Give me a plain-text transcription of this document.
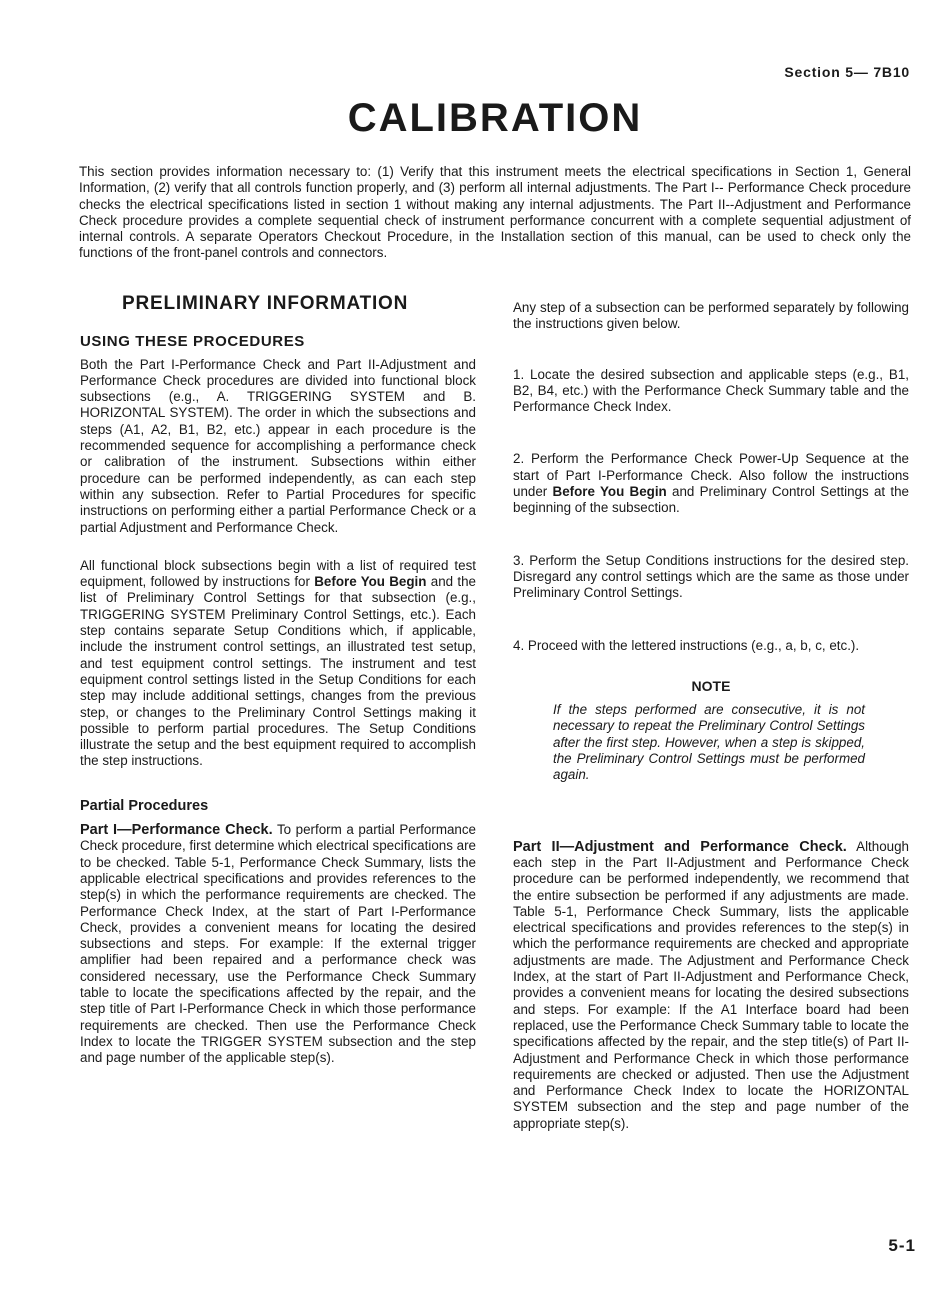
Section 5— 7B10
CALIBRATION

This section provides information necessary to: (1) Verify that this instrument meets the electrical specifications in Section 1, General Information, (2) verify that all controls function properly, and (3) perform all internal adjustments. The Part I-- Performance Check procedure checks the electrical specifications listed in section 1 without making any internal adjustments. The Part II--Adjustment and Performance Check procedure provides a complete sequential check of instrument performance concurrent with a complete sequential adjustment of internal controls. A separate Operators Checkout Procedure, in the Installation section of this manual, can be used to check only the functions of the front-panel controls and connectors.

PRELIMINARY INFORMATION
USING THESE PROCEDURES

Both the Part I-Performance Check and Part II-Adjustment and Performance Check procedures are divided into functional block subsections (e.g., A. TRIGGERING SYSTEM and B. HORIZONTAL SYSTEM). The order in which the subsections and steps (A1, A2, B1, B2, etc.) appear in each procedure is the recommended sequence for accomplishing a performance check or calibration of the instrument. Subsections within either procedure can be performed independently, as can each step within any subsection. Refer to Partial Procedures for specific instructions on performing either a partial Performance Check or a partial Adjustment and Performance Check.

All functional block subsections begin with a list of required test equipment, followed by instructions for Before You Begin and the list of Preliminary Control Settings for that subsection (e.g., TRIGGERING SYSTEM Preliminary Control Settings, etc.). Each step contains separate Setup Conditions which, if applicable, include the instrument control settings, an illustrated test setup, and test equipment control settings. The instrument and test equipment control settings listed in the Setup Conditions for each step may include additional settings, changes from the previous step, or changes to the Preliminary Control Settings making it possible to perform partial procedures. The Setup Conditions illustrate the setup and the best equipment required to accomplish the step instructions.

Partial Procedures

Part I—Performance Check. To perform a partial Performance Check procedure, first determine which electrical specifications are to be checked. Table 5-1, Performance Check Summary, lists the applicable electrical specifications and provides references to the step(s) in which the performance requirements are checked. The Performance Check Index, at the start of Part I-Performance Check, provides a convenient means for locating the desired subsections and steps. For example: If the external trigger amplifier had been repaired and a performance check was considered necessary, use the Performance Check Summary table to locate the specifications affected by the repair, and the step title of Part I-Performance Check in which those performance requirements are checked. Then use the Performance Check Index to locate the TRIGGER SYSTEM subsection and the step and page number of the applicable step(s).

Any step of a subsection can be performed separately by following the instructions given below.

1. Locate the desired subsection and applicable steps (e.g., B1, B2, B4, etc.) with the Performance Check Summary table and the Performance Check Index.

2. Perform the Performance Check Power-Up Sequence at the start of Part I-Performance Check. Also follow the instructions under Before You Begin and Preliminary Control Settings at the beginning of the subsection.

3. Perform the Setup Conditions instructions for the desired step. Disregard any control settings which are the same as those under Preliminary Control Settings.

4. Proceed with the lettered instructions (e.g., a, b, c, etc.).

NOTE

If the steps performed are consecutive, it is not necessary to repeat the Preliminary Control Settings after the first step. However, when a step is skipped, the Preliminary Control Settings must be performed again.

Part II—Adjustment and Performance Check. Although each step in the Part II-Adjustment and Performance Check procedure can be performed independently, we recommend that the entire subsection be performed if any adjustments are made. Table 5-1, Performance Check Summary, lists the applicable electrical specifications and provides references to the step(s) in which the performance requirements are checked and appropriate adjustments are made. The Adjustment and Performance Check Index, at the start of Part II-Adjustment and Performance Check, provides a convenient means for locating the desired subsections and steps. For example: If the A1 Interface board had been replaced, use the Performance Check Summary table to locate the specifications affected by the repair, and the step title(s) of Part II-Adjustment and Performance Check in which those performance requirements are checked or adjusted. Then use the Adjustment and Performance Check Index to locate the HORIZONTAL SYSTEM subsection and the step and page number of the appropriate step(s).

5-1
